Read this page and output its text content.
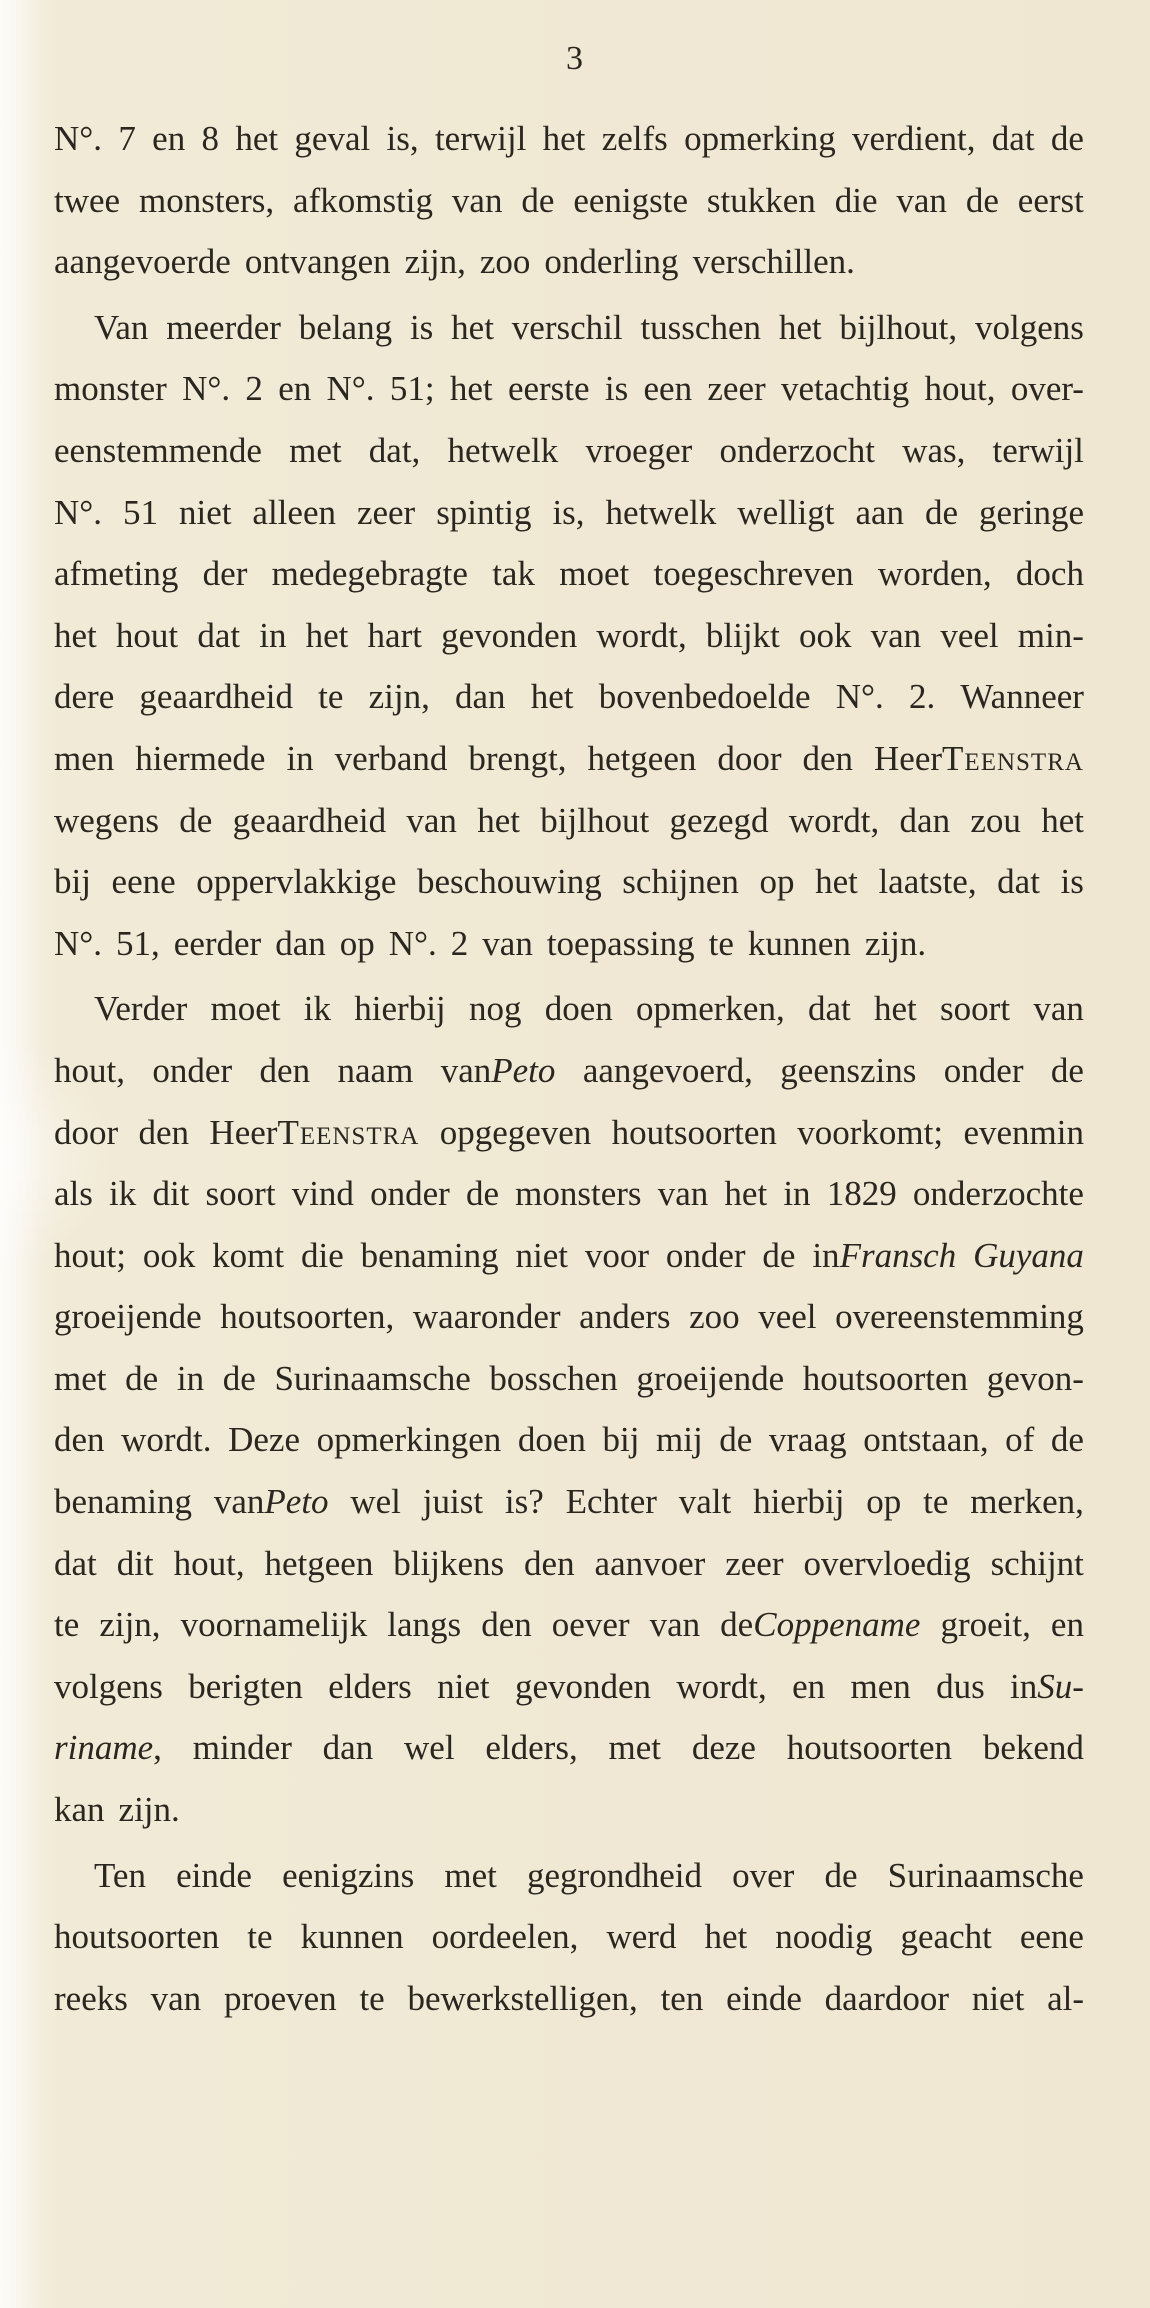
3
N°. 7 en 8 het geval is, terwijl het zelfs opmerking verdient, dat de
twee monsters, afkomstig van de eenigste stukken die van de eerst
aangevoerde ontvangen zijn, zoo onderling verschillen.
Van meerder belang is het verschil tusschen het bijlhout, volgens
monster N°. 2 en N°. 51; het eerste is een zeer vetachtig hout, over-
eenstemmende met dat, hetwelk vroeger onderzocht was, terwijl
N°. 51 niet alleen zeer spintig is, hetwelk welligt aan de geringe
afmeting der medegebragte tak moet toegeschreven worden, doch
het hout dat in het hart gevonden wordt, blijkt ook van veel min-
dere geaardheid te zijn, dan het bovenbedoelde N°. 2. Wanneer
men hiermede in verband brengt, hetgeen door den HeerTeenstra
wegens de geaardheid van het bijlhout gezegd wordt, dan zou het
bij eene oppervlakkige beschouwing schijnen op het laatste, dat is
N°. 51, eerder dan op N°. 2 van toepassing te kunnen zijn.
Verder moet ik hierbij nog doen opmerken, dat het soort van
hout, onder den naam vanPeto aangevoerd, geenszins onder de
door den HeerTeenstra opgegeven houtsoorten voorkomt; evenmin
als ik dit soort vind onder de monsters van het in 1829 onderzochte
hout; ook komt die benaming niet voor onder de inFransch Guyana
groeijende houtsoorten, waaronder anders zoo veel overeenstemming
met de in de Surinaamsche bosschen groeijende houtsoorten gevon-
den wordt. Deze opmerkingen doen bij mij de vraag ontstaan, of de
benaming vanPeto wel juist is? Echter valt hierbij op te merken,
dat dit hout, hetgeen blijkens den aanvoer zeer overvloedig schijnt
te zijn, voornamelijk langs den oever van deCoppename groeit, en
volgens berigten elders niet gevonden wordt, en men dus inSu-
riname, minder dan wel elders, met deze houtsoorten bekend
kan zijn.
Ten einde eenigzins met gegrondheid over de Surinaamsche
houtsoorten te kunnen oordeelen, werd het noodig geacht eene
reeks van proeven te bewerkstelligen, ten einde daardoor niet al-
